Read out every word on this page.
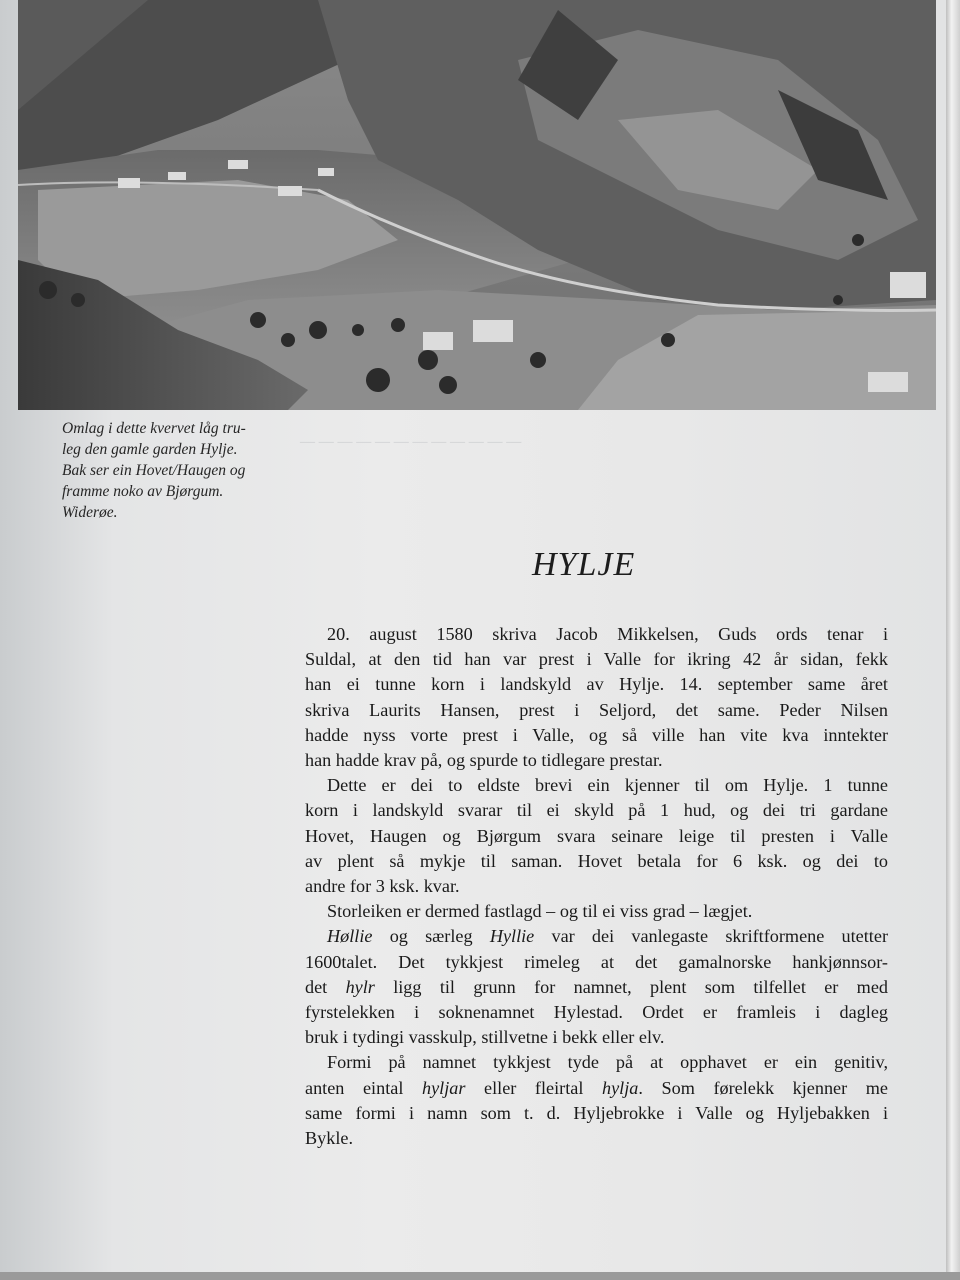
— — — — — — — — — — — —
Omlag i dette kvervet låg tru-
leg den gamle garden Hylje.
Bak ser ein Hovet/Haugen og
framme noko av Bjørgum.
Widerøe.
HYLJE

20. august 1580 skriva Jacob Mikkelsen, Guds ords tenar i
Suldal, at den tid han var prest i Valle for ikring 42 år sidan, fekk
han ei tunne korn i landskyld av Hylje. 14. september same året
skriva Laurits Hansen, prest i Seljord, det same. Peder Nilsen
hadde nyss vorte prest i Valle, og så ville han vite kva inntekter
han hadde krav på, og spurde to tidlegare prestar.

Dette er dei to eldste brevi ein kjenner til om Hylje. 1 tunne
korn i landskyld svarar til ei skyld på 1 hud, og dei tri gardane
Hovet, Haugen og Bjørgum svara seinare leige til presten i Valle
av plent så mykje til saman. Hovet betala for 6 ksk. og dei to
andre for 3 ksk. kvar.

Storleiken er dermed fastlagd – og til ei viss grad – lægjet.

Høllie og særleg Hyllie var dei vanlegaste skriftformene utetter
1600talet. Det tykkjest rimeleg at det gamalnorske hankjønnsor-
det hylr ligg til grunn for namnet, plent som tilfellet er med
fyrstelekken i soknenamnet Hylestad. Ordet er framleis i dagleg
bruk i tydingi vasskulp, stillvetne i bekk eller elv.

Formi på namnet tykkjest tyde på at opphavet er ein genitiv,
anten eintal hyljar eller fleirtal hylja. Som førelekk kjenner me
same formi i namn som t. d. Hyljebrokke i Valle og Hyljebakken i
Bykle.
